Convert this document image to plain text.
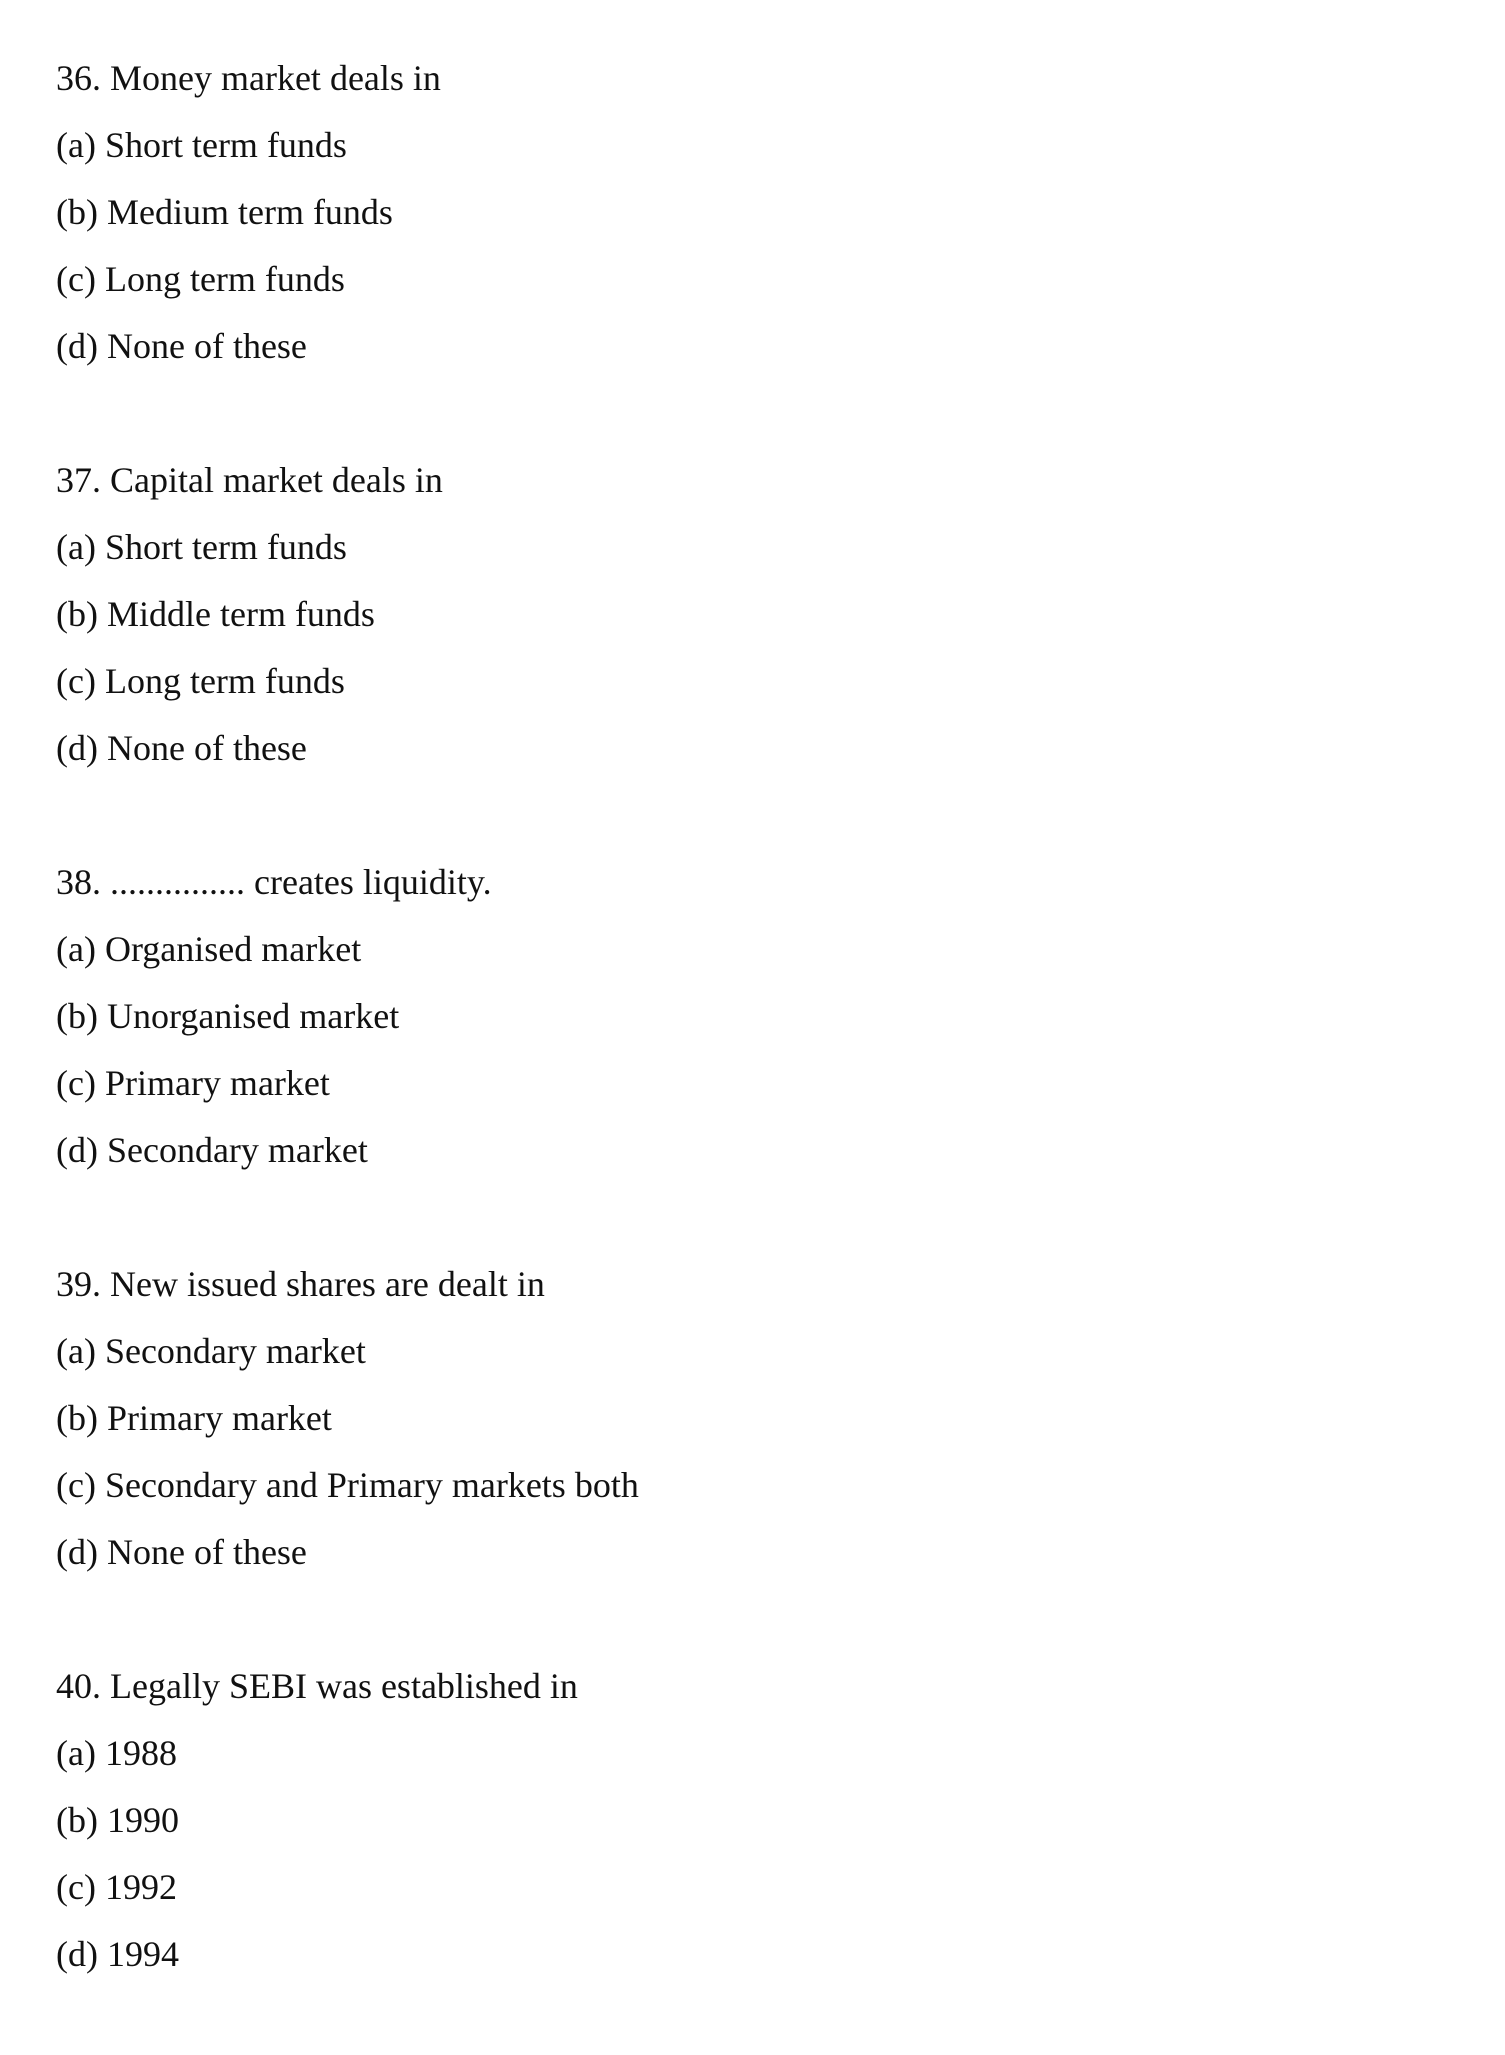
36. Money market deals in
(a) Short term funds
(b) Medium term funds
(c) Long term funds
(d) None of these
37. Capital market deals in
(a) Short term funds
(b) Middle term funds
(c) Long term funds
(d) None of these
38. ............... creates liquidity.
(a) Organised market
(b) Unorganised market
(c) Primary market
(d) Secondary market
39. New issued shares are dealt in
(a) Secondary market
(b) Primary market
(c) Secondary and Primary markets both
(d) None of these
40. Legally SEBI was established in
(a) 1988
(b) 1990
(c) 1992
(d) 1994
